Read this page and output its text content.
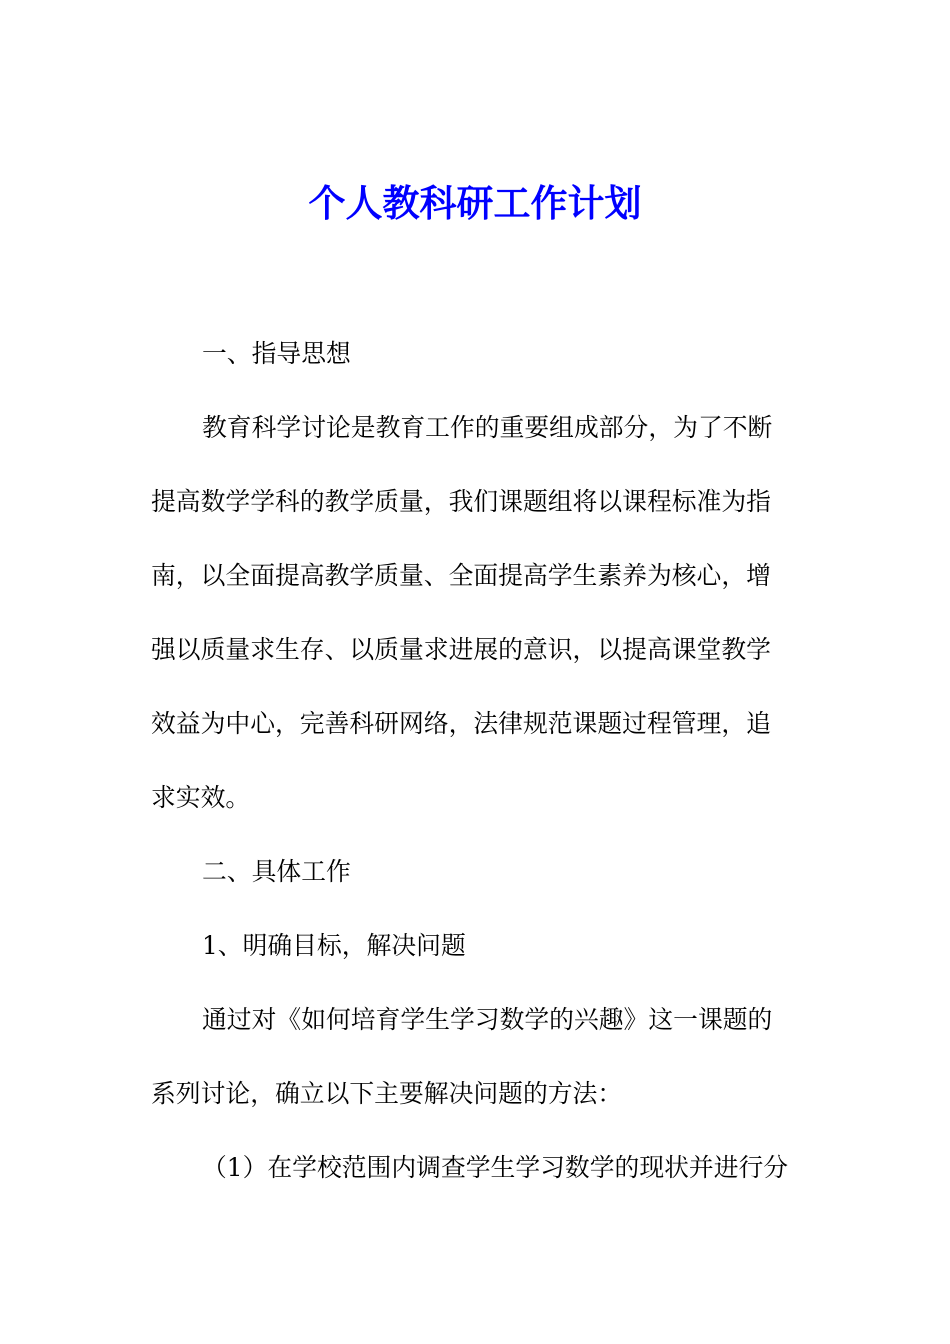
个人教科研工作计划
一、指导思想
教育科学讨论是教育工作的重要组成部分，为了不断
提高数学学科的教学质量，我们课题组将以课程标准为指
南，以全面提高教学质量、全面提高学生素养为核心，增
强以质量求生存、以质量求进展的意识，以提高课堂教学
效益为中心，完善科研网络，法律规范课题过程管理，追
求实效。
二、具体工作
1、明确目标，解决问题
通过对《如何培育学生学习数学的兴趣》这一课题的
系列讨论，确立以下主要解决问题的方法：
（1）在学校范围内调查学生学习数学的现状并进行分
